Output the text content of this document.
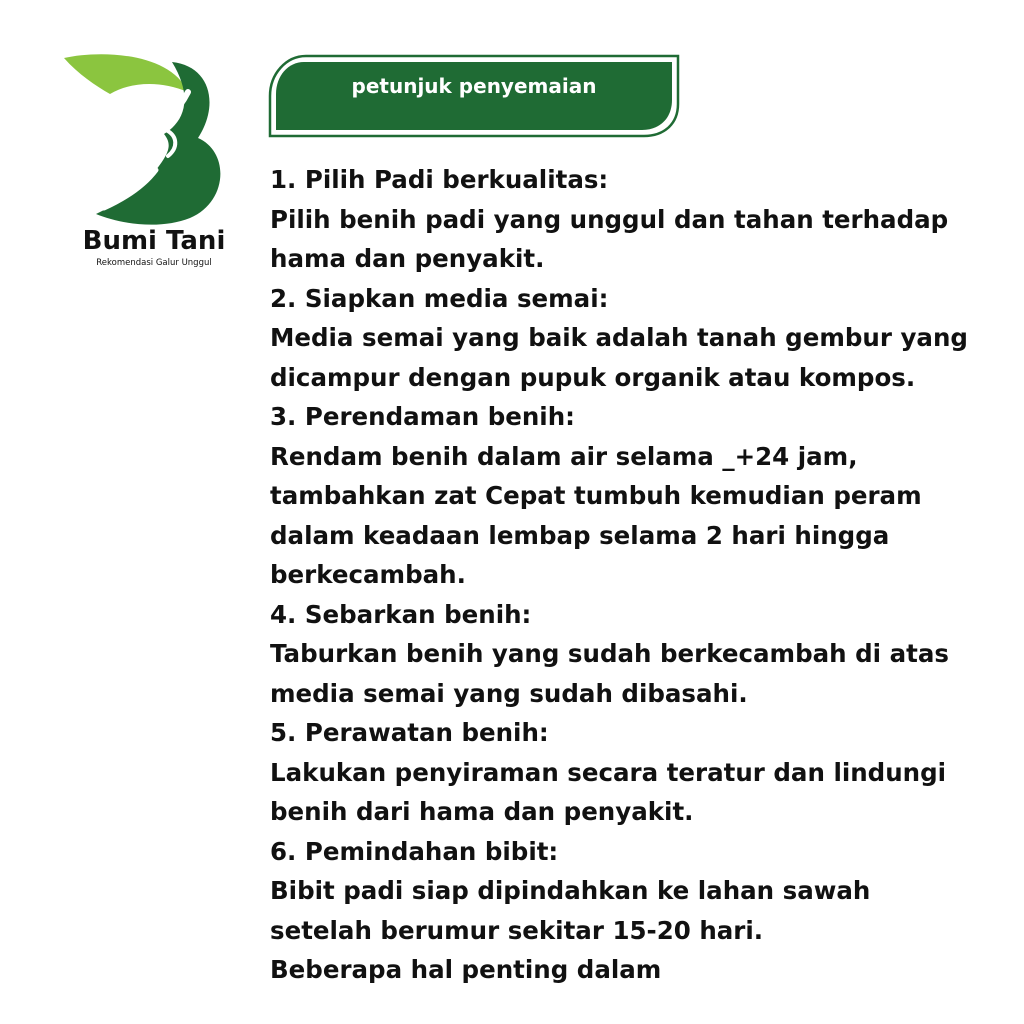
Bumi Tani
Rekomendasi Galur Unggul
petunjuk penyemaian
1. Pilih Padi berkualitas:
Pilih benih padi yang unggul dan tahan terhadap
hama dan penyakit.
2. Siapkan media semai:
Media semai yang baik adalah tanah gembur yang
dicampur dengan pupuk organik atau kompos.
3. Perendaman benih:
Rendam benih dalam air selama _+24 jam,
tambahkan zat Cepat tumbuh kemudian peram
dalam keadaan lembap selama 2 hari hingga
berkecambah.
4. Sebarkan benih:
Taburkan benih yang sudah berkecambah di atas
media semai yang sudah dibasahi.
5. Perawatan benih:
Lakukan penyiraman secara teratur dan lindungi
benih dari hama dan penyakit.
6. Pemindahan bibit:
Bibit padi siap dipindahkan ke lahan sawah
setelah berumur sekitar 15-20 hari.
Beberapa hal penting dalam
